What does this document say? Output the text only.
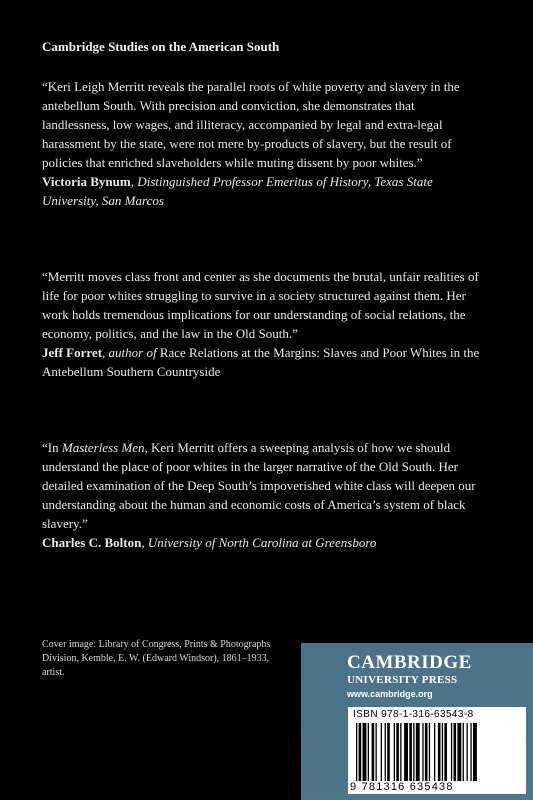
Cambridge Studies on the American South

“Keri Leigh Merritt reveals the parallel roots of white poverty and slavery in the antebellum South. With precision and conviction, she demonstrates that landlessness, low wages, and illiteracy, accompanied by legal and extra-legal harassment by the state, were not mere by-products of slavery, but the result of policies that enriched slaveholders while muting dissent by poor whites.”

Victoria Bynum, Distinguished Professor Emeritus of History, Texas State University, San Marcos

“Merritt moves class front and center as she documents the brutal, unfair realities of life for poor whites struggling to survive in a society structured against them. Her work holds tremendous implications for our understanding of social relations, the economy, politics, and the law in the Old South.”

Jeff Forret, author of Race Relations at the Margins: Slaves and Poor Whites in the Antebellum Southern Countryside

“In Masterless Men, Keri Merritt offers a sweeping analysis of how we should understand the place of poor whites in the larger narrative of the Old South. Her detailed examination of the Deep South’s impoverished white class will deepen our understanding about the human and economic costs of America’s system of black slavery.”

Charles C. Bolton, University of North Carolina at Greensboro

Cover image: Library of Congress, Prints & Photographs Division, Kemble, E. W. (Edward Windsor), 1861–1933, artist.	CAMBRIDGE
UNIVERSITY PRESS
www.cambridge.org
ISBN 978-1-316-63543-8
9 781316 635438
